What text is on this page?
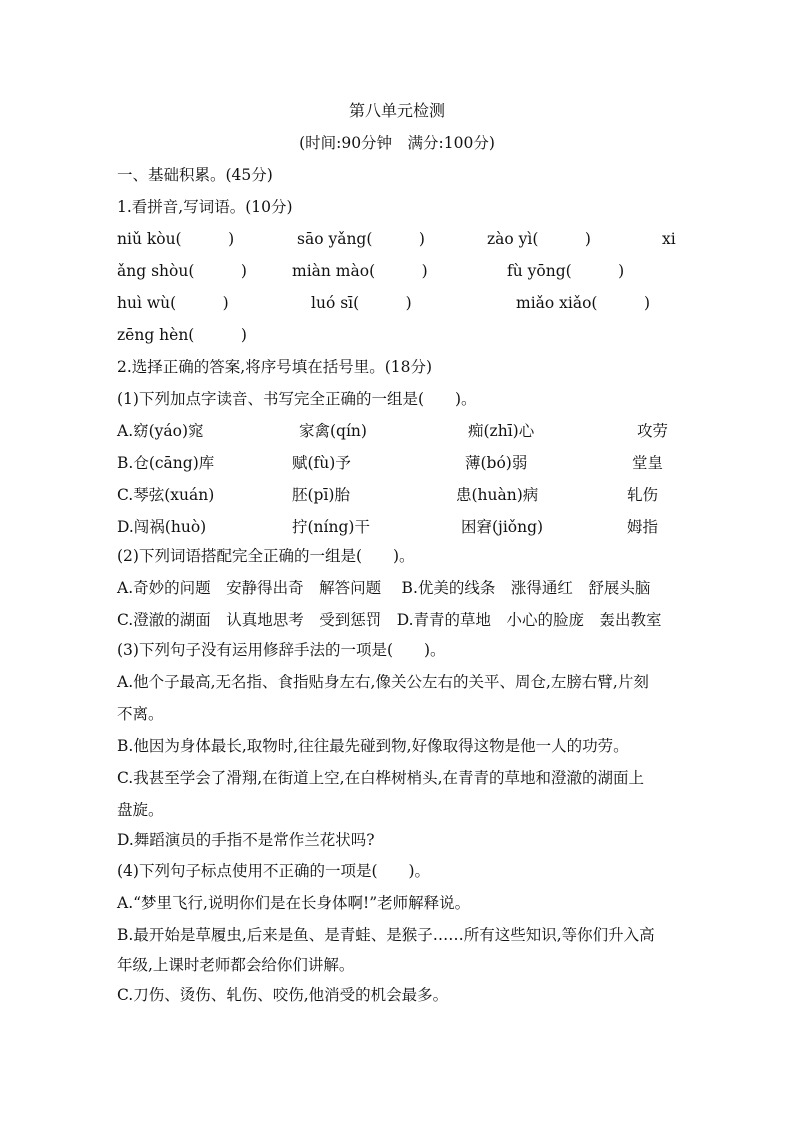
第八单元检测
(时间:90分钟　满分:100分)
一、基础积累。(45分)
1.看拼音,写词语。(10分)
niǔ kòu(　　　)	sāo yǎng(　　　)	zào yì(　　　)	xi
ǎng shòu(　　　)	miàn mào(　　　)	fù yōng(　　　)
huì wù(　　　)	luó sī(　　　)	miǎo xiǎo(　　　)
zēng hèn(　　　)
2.选择正确的答案,将序号填在括号里。(18分)
(1)下列加点字读音、书写完全正确的一组是(　　)。
A.窈(yáo)窕	家禽(qín)	痴(zhī)心	攻劳
B.仓(cāng)库	赋(fù)予	薄(bó)弱	堂皇
C.琴弦(xuán)	胚(pī)胎	患(huàn)病	轧伤
D.闯祸(huò)	拧(níng)干	困窘(jiǒng)	姆指
(2)下列词语搭配完全正确的一组是(　　)。
A.奇妙的问题　安静得出奇　解答问题　 B.优美的线条　涨得通红　舒展头脑
C.澄澈的湖面　认真地思考　受到惩罚　D.青青的草地　小心的脸庞　轰出教室
(3)下列句子没有运用修辞手法的一项是(　　)。
A.他个子最高,无名指、食指贴身左右,像关公左右的关平、周仓,左膀右臂,片刻
不离。
B.他因为身体最长,取物时,往往最先碰到物,好像取得这物是他一人的功劳。
C.我甚至学会了滑翔,在街道上空,在白桦树梢头,在青青的草地和澄澈的湖面上
盘旋。
D.舞蹈演员的手指不是常作兰花状吗?
(4)下列句子标点使用不正确的一项是(　　)。
A.“梦里飞行,说明你们是在长身体啊!”老师解释说。
B.最开始是草履虫,后来是鱼、是青蛙、是猴子……所有这些知识,等你们升入高
年级,上课时老师都会给你们讲解。
C.刀伤、烫伤、轧伤、咬伤,他消受的机会最多。
